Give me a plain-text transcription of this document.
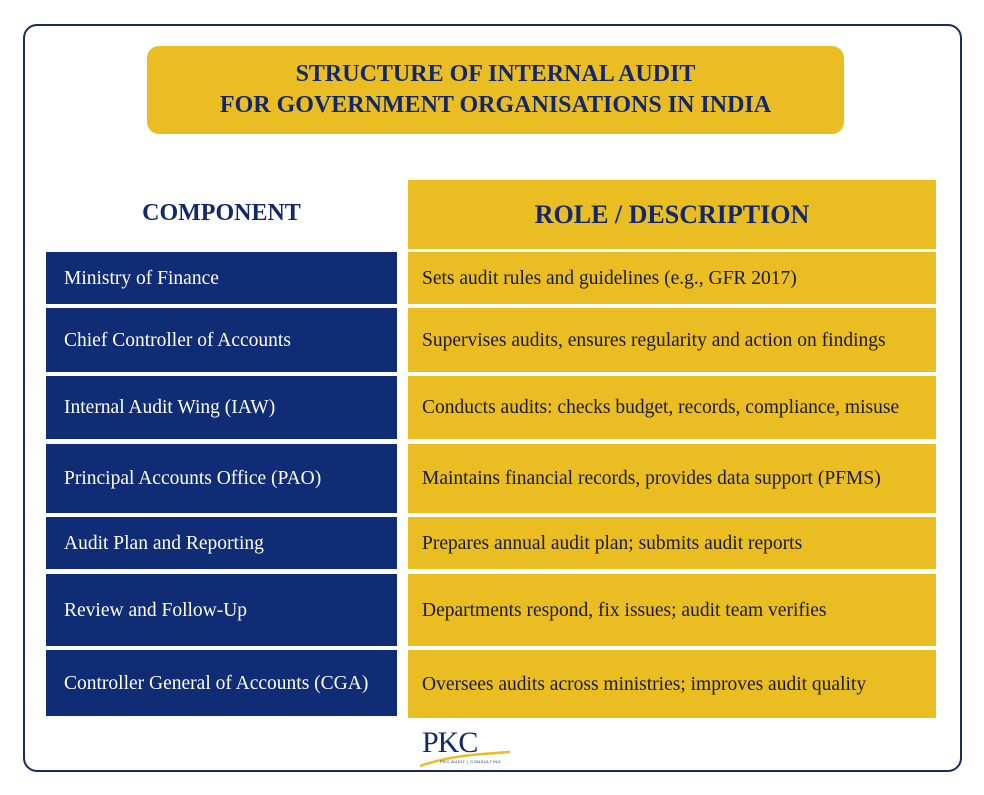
STRUCTURE OF INTERNAL AUDIT
FOR GOVERNMENT ORGANISATIONS IN INDIA
COMPONENT	ROLE / DESCRIPTION
Ministry of Finance	Sets audit rules and guidelines (e.g., GFR 2017)
Chief Controller of Accounts	Supervises audits, ensures regularity and action on findings
Internal Audit Wing (IAW)	Conducts audits: checks budget, records, compliance, misuse
Principal Accounts Office (PAO)	Maintains financial records, provides data support (PFMS)
Audit Plan and Reporting	Prepares annual audit plan; submits audit reports
Review and Follow-Up	Departments respond, fix issues; audit team verifies
Controller General of Accounts (CGA)	Oversees audits across ministries; improves audit quality
PKC
PKC AUDIT | CONSULTING
